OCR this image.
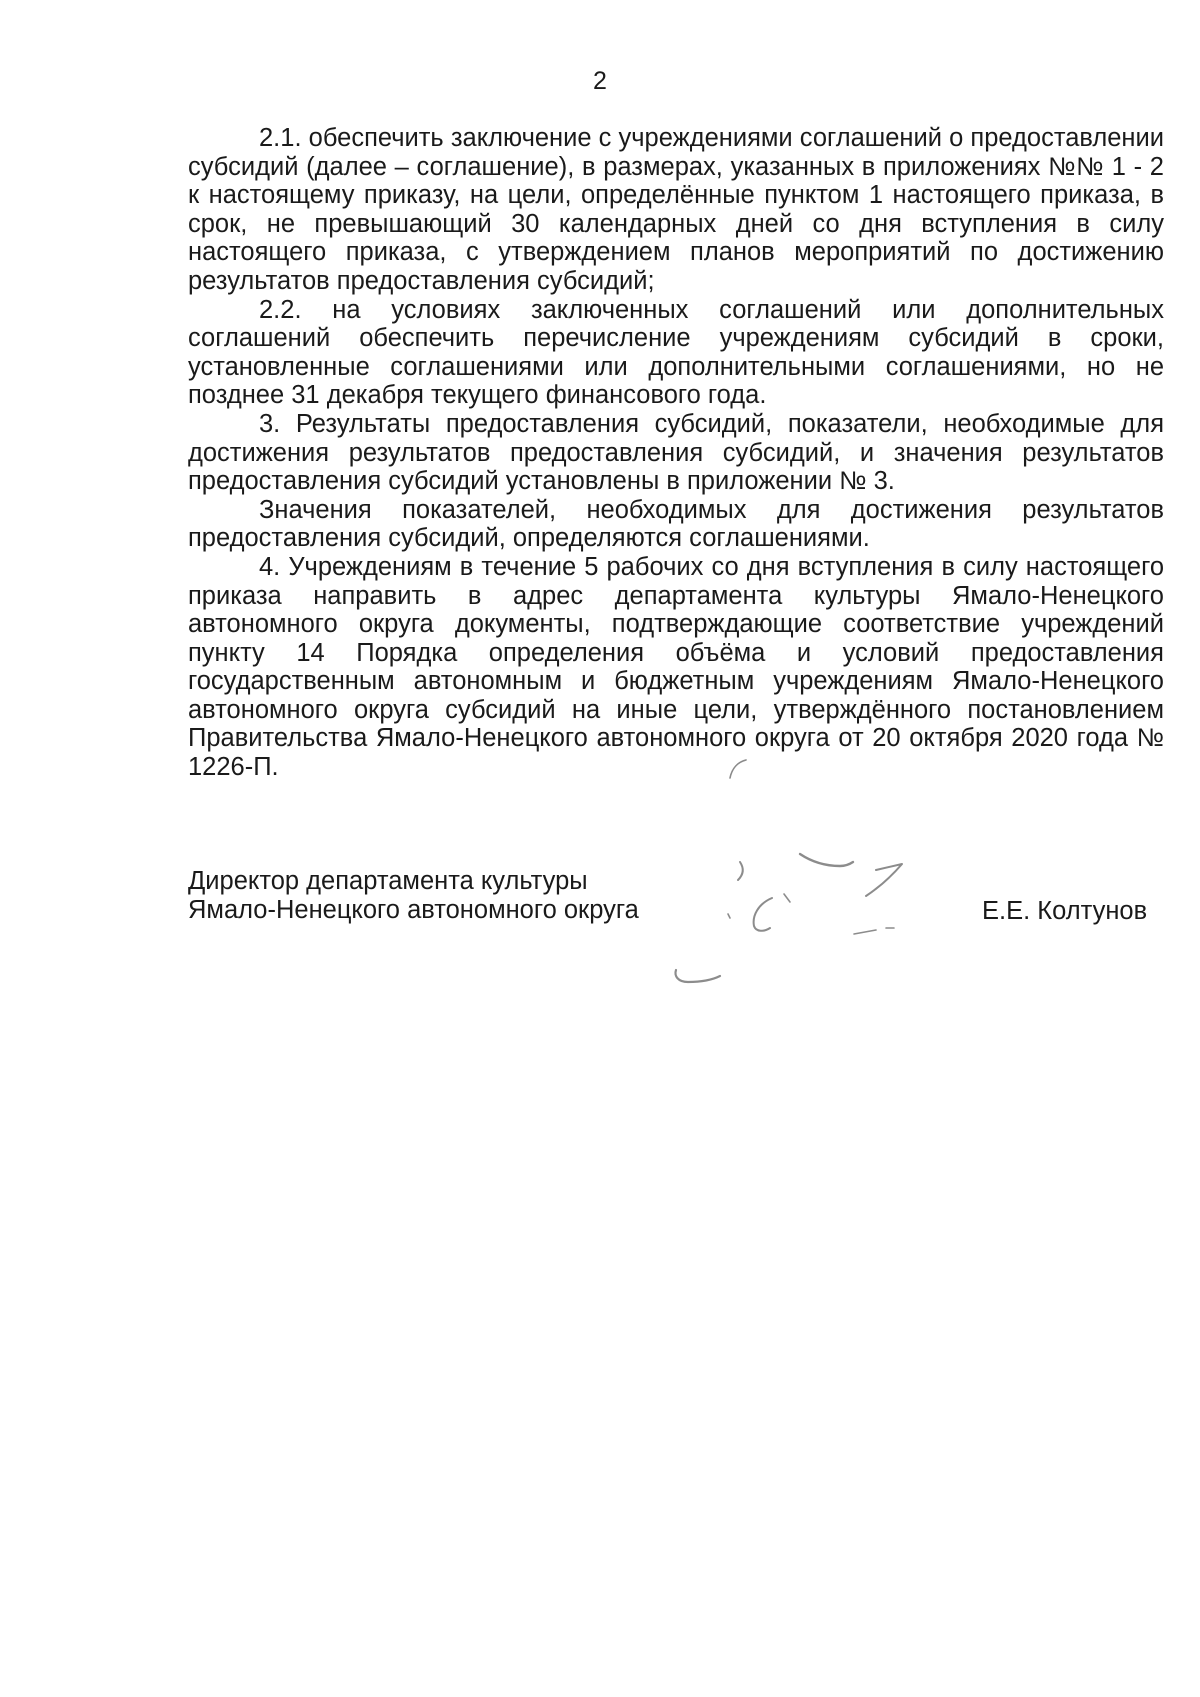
2

2.1. обеспечить заключение с учреждениями соглашений о предоставлении субсидий (далее – соглашение), в размерах, указанных в приложениях №№ 1 - 2 к настоящему приказу, на цели, определённые пунктом 1 настоящего приказа, в срок, не превышающий 30 календарных дней со дня вступления в силу настоящего приказа, с утверждением планов мероприятий по достижению результатов предоставления субсидий;

2.2. на условиях заключенных соглашений или дополнительных соглашений обеспечить перечисление учреждениям субсидий в сроки, установленные соглашениями или дополнительными соглашениями, но не позднее 31 декабря текущего финансового года.

3. Результаты предоставления субсидий, показатели, необходимые для достижения результатов предоставления субсидий, и значения результатов предоставления субсидий установлены в приложении № 3.

Значения показателей, необходимых для достижения результатов предоставления субсидий, определяются соглашениями.

4. Учреждениям в течение 5 рабочих со дня вступления в силу настоящего приказа направить в адрес департамента культуры Ямало-Ненецкого автономного округа документы, подтверждающие соответствие учреждений пункту 14 Порядка определения объёма и условий предоставления государственным автономным и бюджетным учреждениям Ямало-Ненецкого автономного округа субсидий на иные цели, утверждённого постановлением Правительства Ямало-Ненецкого автономного округа от 20 октября 2020 года № 1226-П.

Директор департамента культуры
Ямало-Ненецкого автономного округа	Е.Е. Колтунов
